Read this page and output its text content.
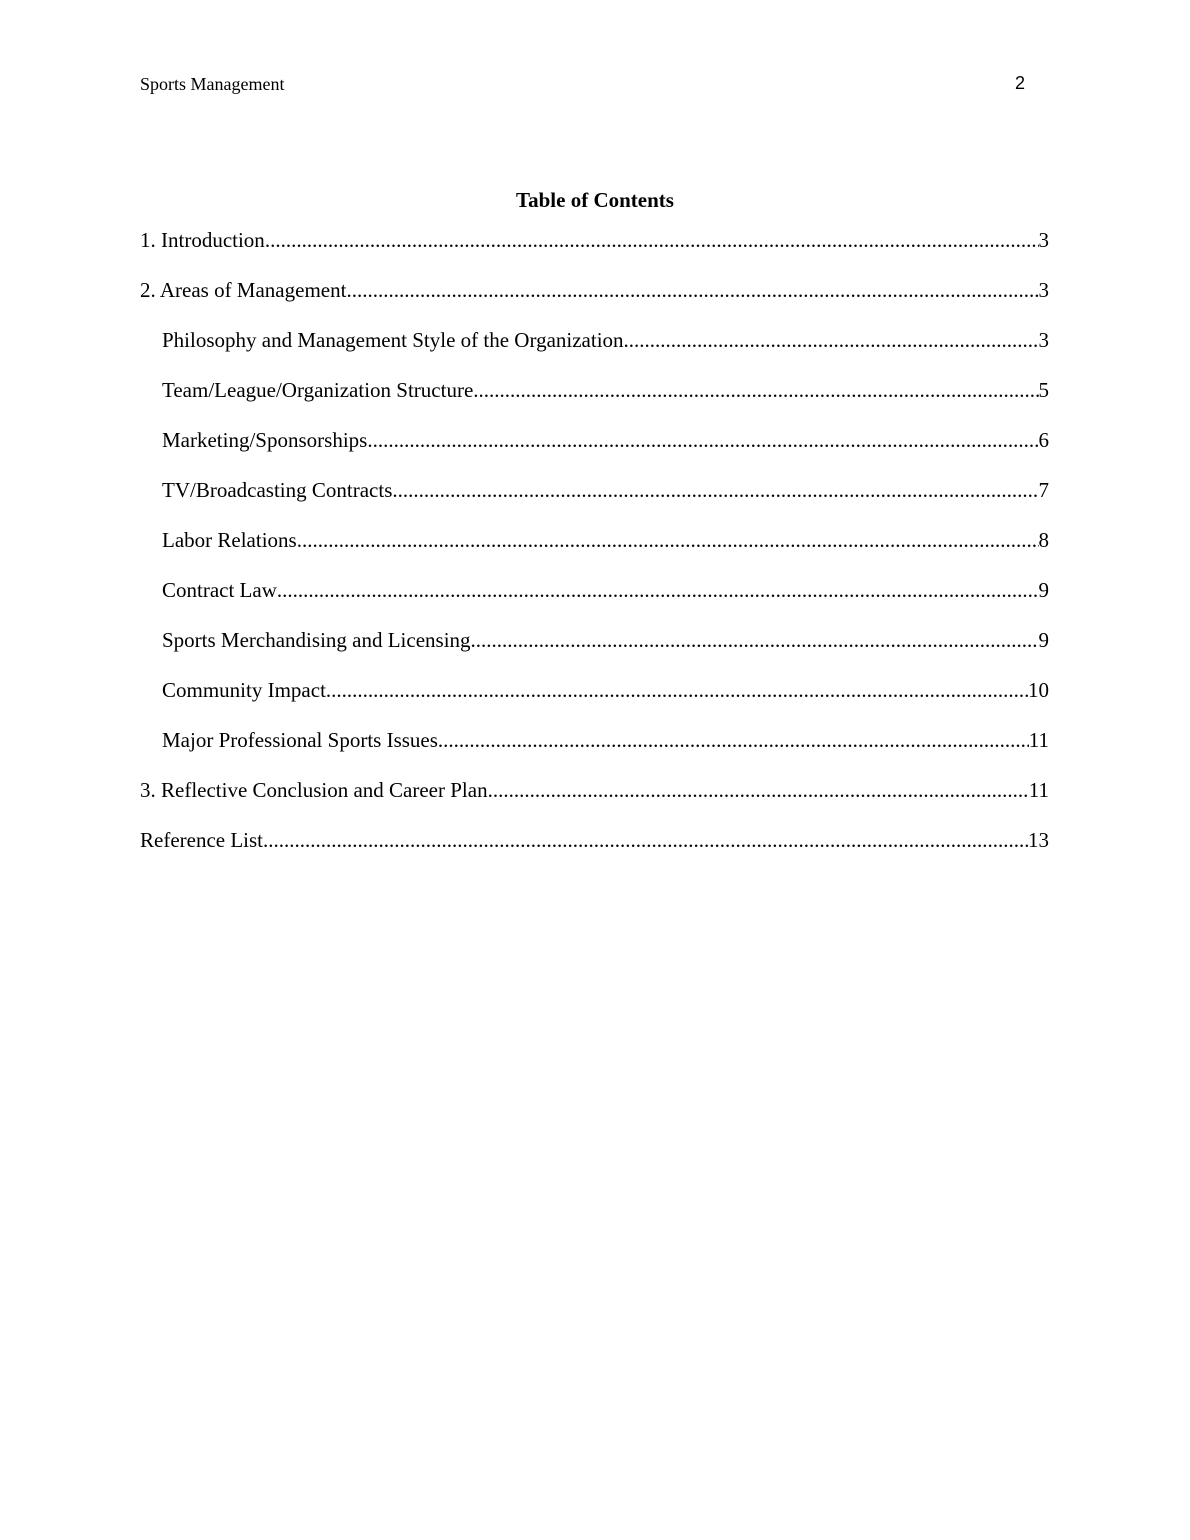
Sports Management	2
Table of Contents
1. Introduction .....	3
2. Areas of Management .....	3
Philosophy and Management Style of the Organization .....	3
Team/League/Organization Structure .....	5
Marketing/Sponsorships .....	6
TV/Broadcasting Contracts .....	7
Labor Relations .....	8
Contract Law .....	9
Sports Merchandising and Licensing .....	9
Community Impact .....	10
Major Professional Sports Issues .....	11
3. Reflective Conclusion and Career Plan .....	11
Reference List .....	13
